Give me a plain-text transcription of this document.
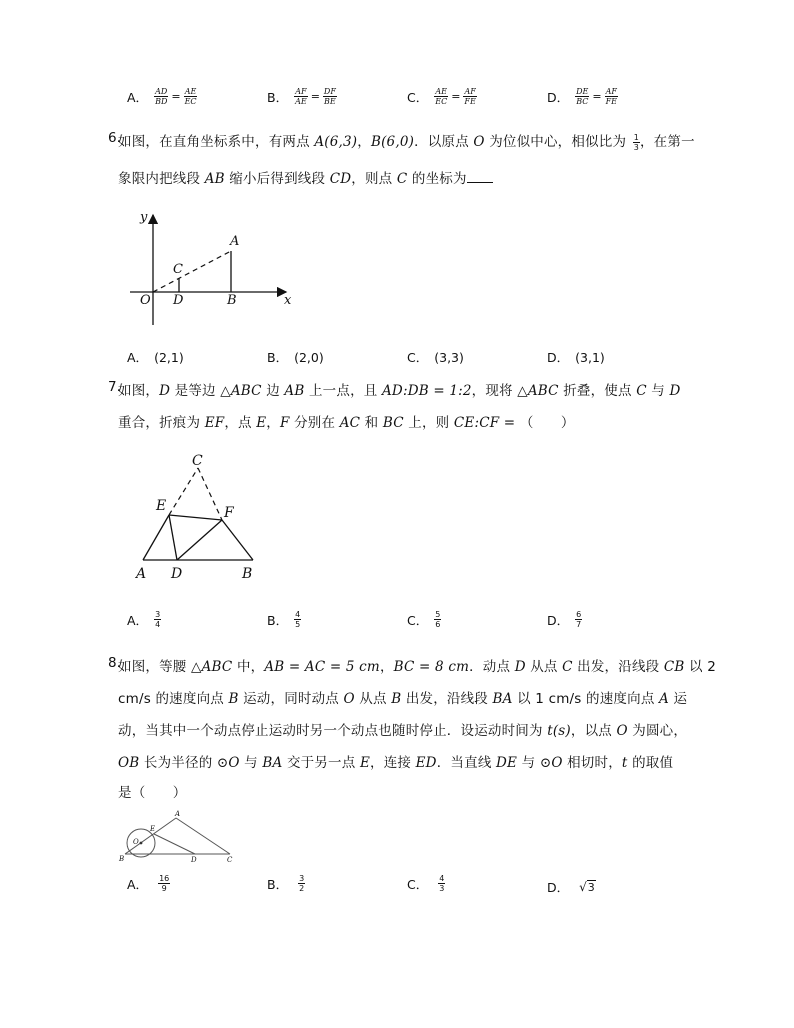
A． $\frac{AD}{BD} = \frac{AE}{EC}$	B． $\frac{AF}{AE} = \frac{DF}{BE}$	C． $\frac{AE}{EC} = \frac{AF}{FE}$	D． $\frac{DE}{BC} = \frac{AF}{FE}$
6.
如图，在直角坐标系中，有两点 A(6,3)，B(6,0)．以原点 O 为位似中心，相似比为 $\frac{1}{3}$ ，在第一
象限内把线段 AB 缩小后得到线段 CD，则点 C 的坐标为
y
x
O
A
B
C
D
A． (2,1)	B． (2,0)	C． (3,3)	D． (3,1)
7.
如图，D 是等边 △ABC 边 AB 上一点，且 AD:DB = 1:2，现将 △ABC 折叠，使点 C 与 D
重合，折痕为 EF，点 E，F 分别在 AC 和 BC 上，则 CE:CF = （　　）
C
E	F
A D	B
A． $\frac{3}{4}$	B． $\frac{4}{5}$	C． $\frac{5}{6}$	D． $\frac{6}{7}$
8.
如图，等腰 △ABC 中，AB = AC = 5 cm，BC = 8 cm．动点 D 从点 C 出发，沿线段 CB 以 2
cm/s 的速度向点 B 运动，同时动点 O 从点 B 出发，沿线段 BA 以 1 cm/s 的速度向点 A 运
动，当其中一个动点停止运动时另一个动点也随时停止．设运动时间为 t(s)，以点 O 为圆心，
OB 长为半径的 ⊙O 与 BA 交于另一点 E，连接 ED．当直线 DE 与 ⊙O 相切时，t 的取值
是（　　）
A
E
O
B	D	C
A． $\frac{16}{9}$	B． $\frac{3}{2}$	C． $\frac{4}{3}$	D． √ 3
